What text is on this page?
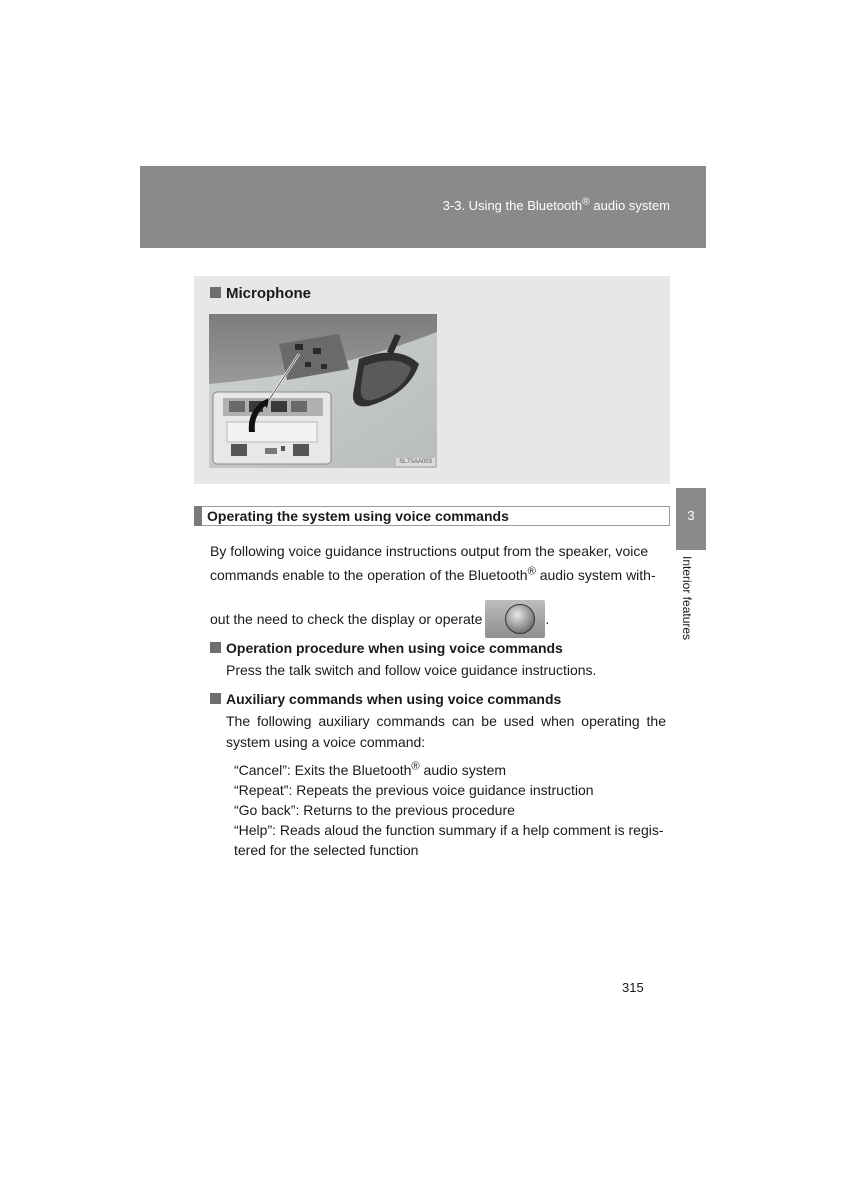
3-3. Using the Bluetooth® audio system
Microphone
SL7SAA003
Operating the system using voice commands	3
Interior features
By following voice guidance instructions output from the speaker, voice
commands enable to the operation of the Bluetooth® audio system with-
out the need to check the display or operate	.
Operation procedure when using voice commands
Press the talk switch and follow voice guidance instructions.
Auxiliary commands when using voice commands
The following auxiliary commands can be used when operating the
system using a voice command:
“Cancel”: Exits the Bluetooth® audio system
“Repeat”: Repeats the previous voice guidance instruction
“Go back”: Returns to the previous procedure
“Help”: Reads aloud the function summary if a help comment is regis-
tered for the selected function
315
